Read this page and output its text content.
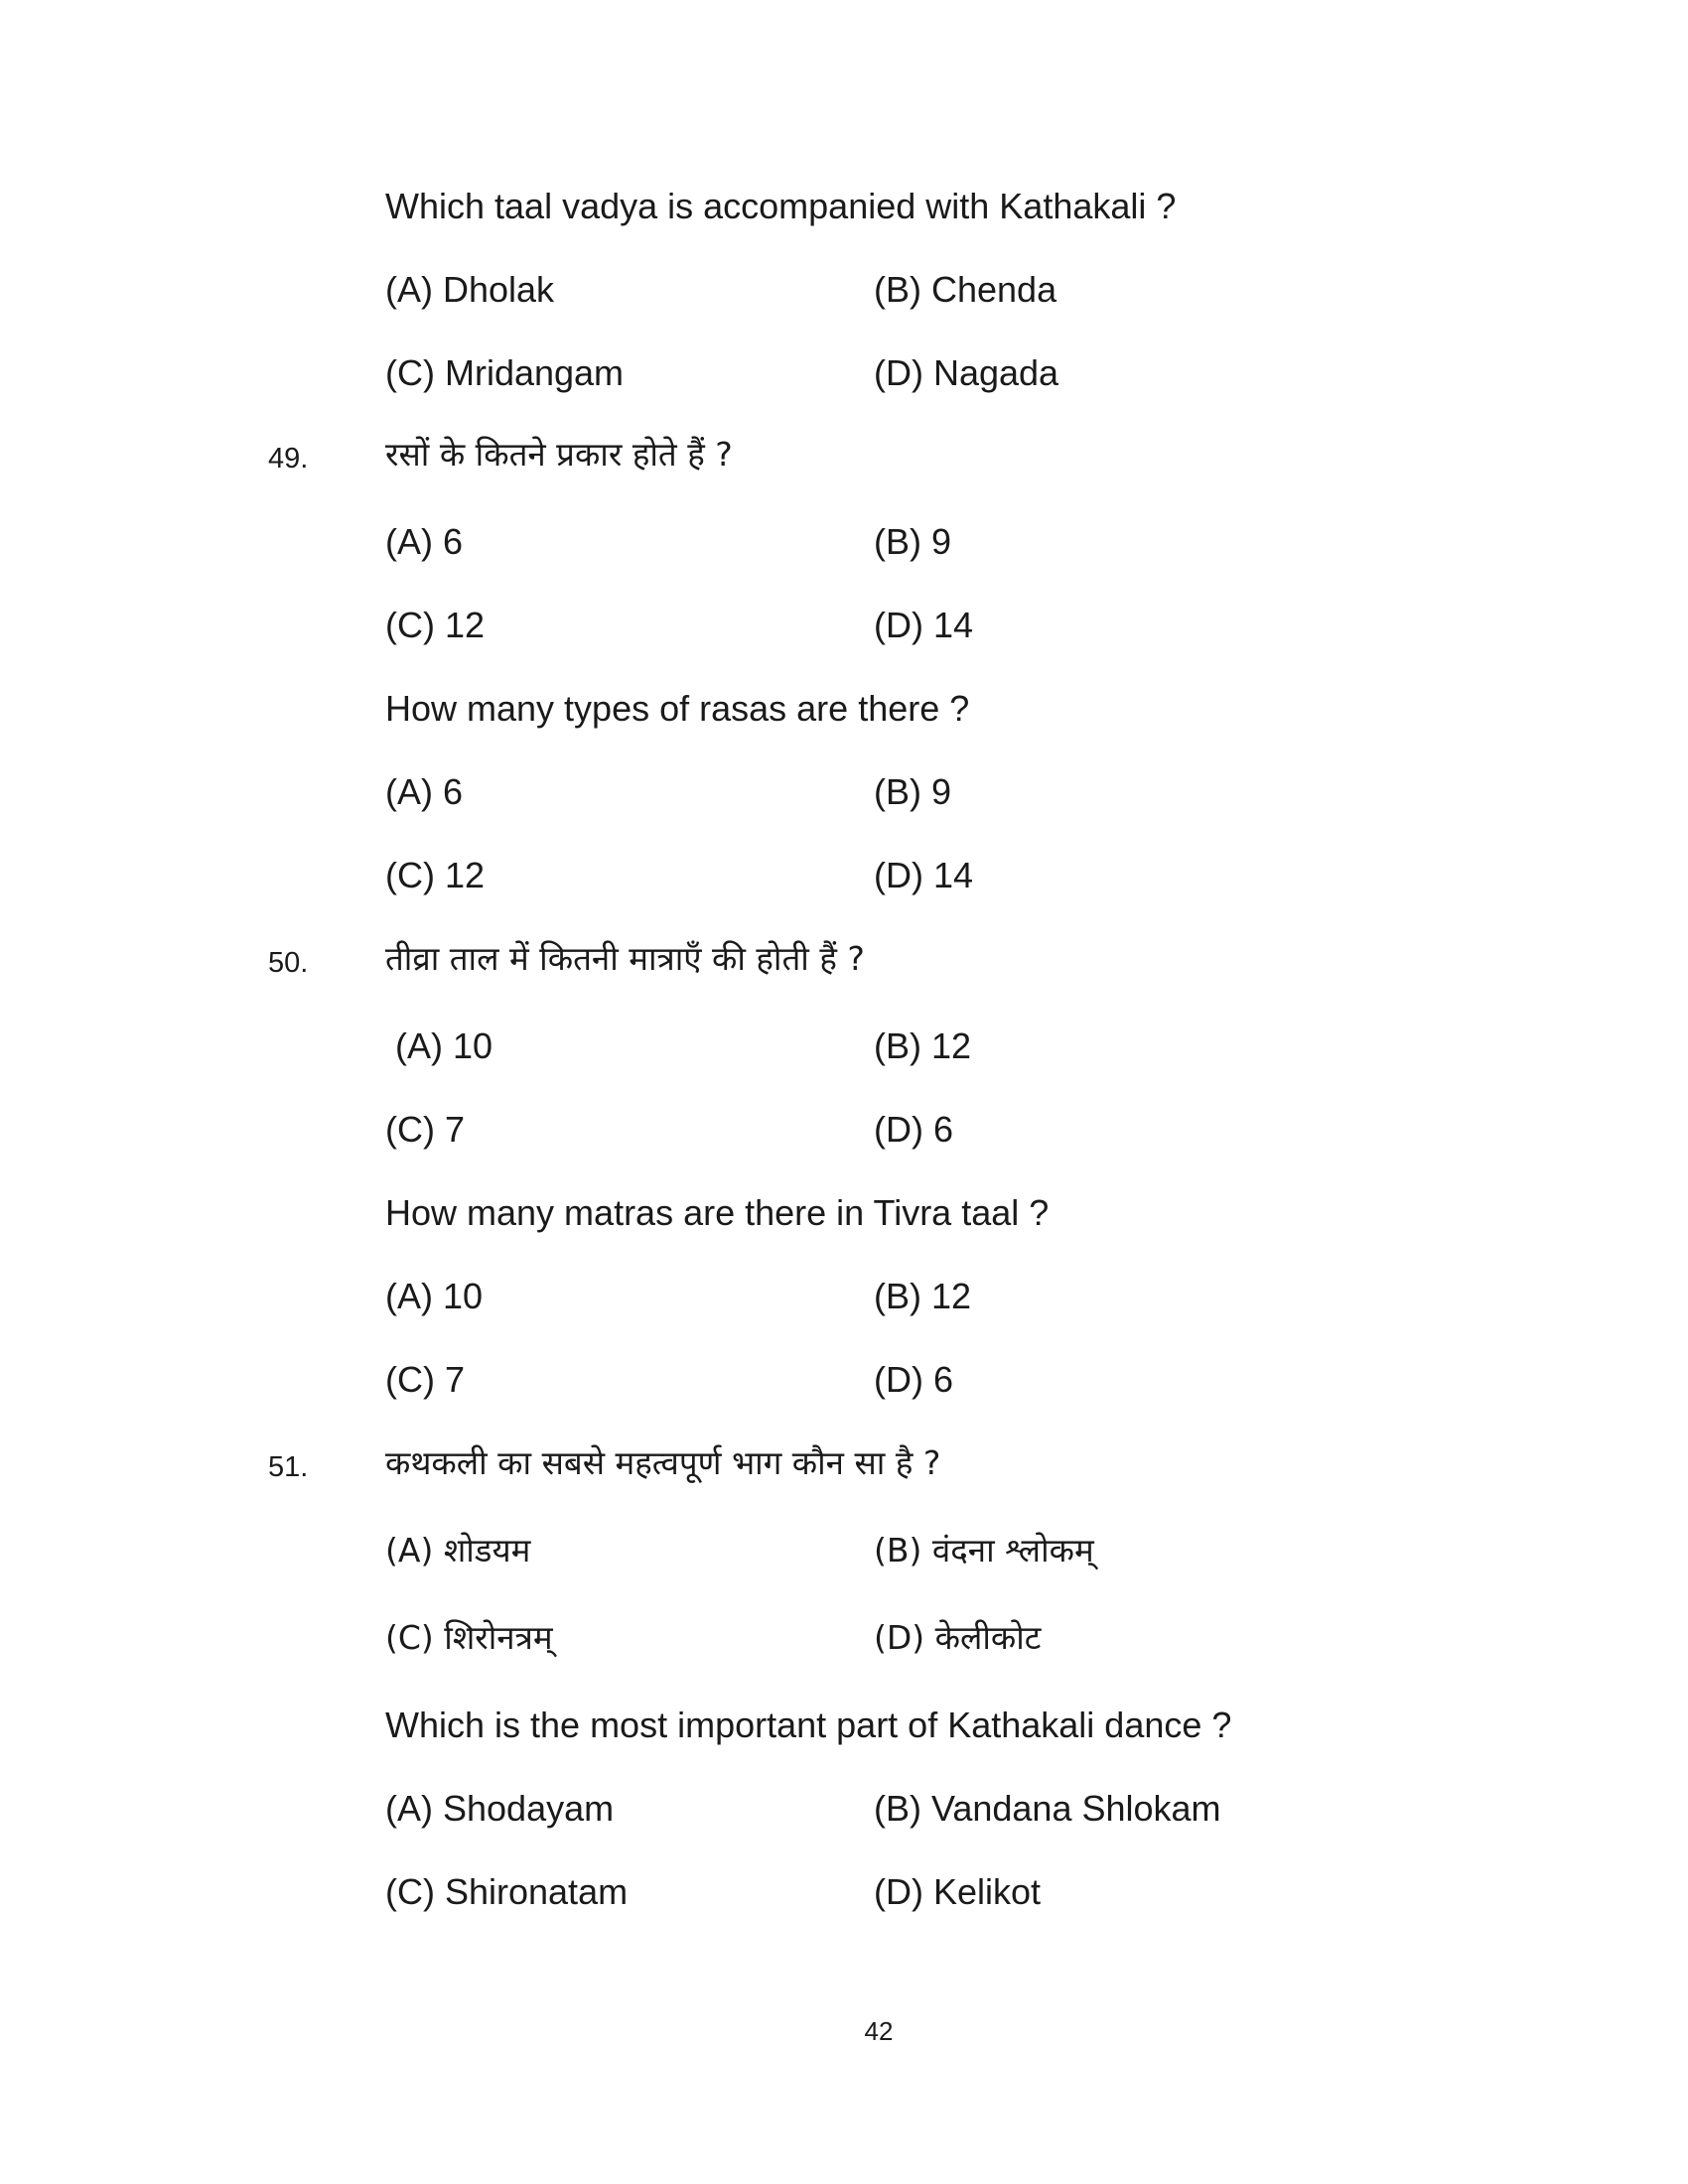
Which taal vadya is accompanied with Kathakali ?
(A) Dholak	(B) Chenda
(C) Mridangam	(D) Nagada
49. रसों के कितने प्रकार होते हैं ?
(A) 6	(B) 9
(C) 12	(D) 14
How many types of rasas are there ?
(A) 6	(B) 9
(C) 12	(D) 14
50. तीव्रा ताल में कितनी मात्राएँ की होती हैं ?
(A) 10	(B) 12
(C) 7	(D) 6
How many matras are there in Tivra taal ?
(A) 10	(B) 12
(C) 7	(D) 6
51. कथकली का सबसे महत्वपूर्ण भाग कौन सा है ?
(A) शोडयम	(B) वंदना श्लोकम्
(C) शिरोनत्रम्	(D) केलीकोट
Which is the most important part of Kathakali dance ?
(A) Shodayam	(B) Vandana Shlokam
(C) Shironatam	(D) Kelikot
42
